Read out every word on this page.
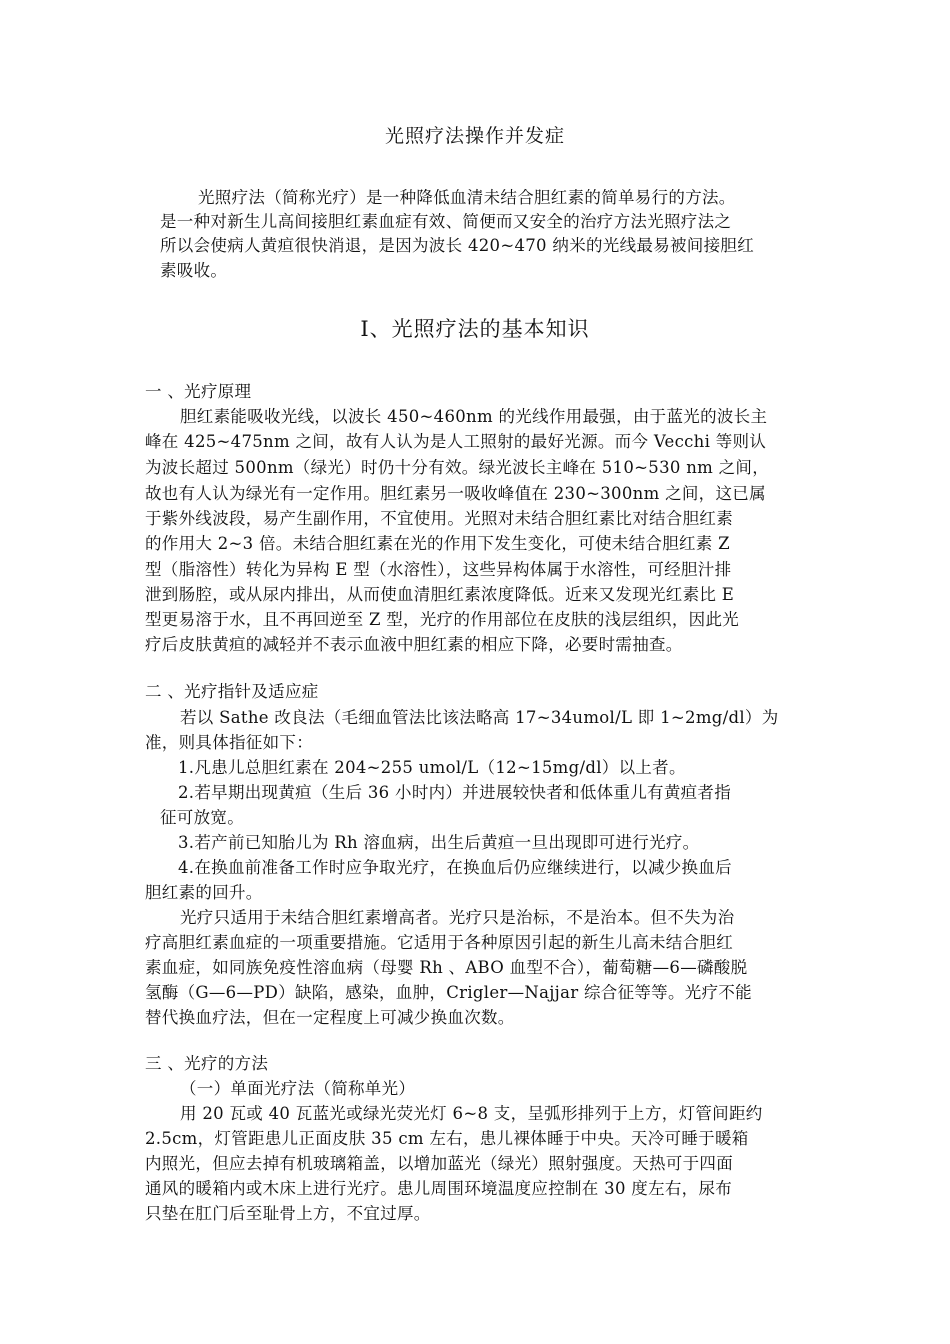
光照疗法操作并发症
光照疗法（简称光疗）是一种降低血清未结合胆红素的简单易行的方法。
是一种对新生儿高间接胆红素血症有效、简便而又安全的治疗方法光照疗法之
所以会使病人黄疸很快消退，是因为波长 420~470 纳米的光线最易被间接胆红
素吸收。
Ⅰ、光照疗法的基本知识
一 、光疗原理
胆红素能吸收光线，以波长 450~460nm 的光线作用最强，由于蓝光的波长主
峰在 425~475nm 之间，故有人认为是人工照射的最好光源。而今 Vecchi 等则认
为波长超过 500nm（绿光）时仍十分有效。绿光波长主峰在 510~530 nm 之间，
故也有人认为绿光有一定作用。胆红素另一吸收峰值在 230~300nm 之间，这已属
于紫外线波段，易产生副作用，不宜使用。光照对未结合胆红素比对结合胆红素
的作用大 2~3 倍。未结合胆红素在光的作用下发生变化，可使未结合胆红素 Z
型（脂溶性）转化为异构 E 型（水溶性），这些异构体属于水溶性，可经胆汁排
泄到肠腔，或从尿内排出，从而使血清胆红素浓度降低。近来又发现光红素比 E
型更易溶于水，且不再回逆至 Z 型，光疗的作用部位在皮肤的浅层组织，因此光
疗后皮肤黄疸的减轻并不表示血液中胆红素的相应下降，必要时需抽查。
二 、光疗指针及适应症
若以 Sathe 改良法（毛细血管法比该法略高 17~34umol/L 即 1~2mg/dl）为
准，则具体指征如下：
1.凡患儿总胆红素在 204~255 umol/L（12~15mg/dl）以上者。
2.若早期出现黄疸（生后 36 小时内）并进展较快者和低体重儿有黄疸者指
征可放宽。
3.若产前已知胎儿为 Rh 溶血病，出生后黄疸一旦出现即可进行光疗。
4.在换血前准备工作时应争取光疗，在换血后仍应继续进行，以减少换血后
胆红素的回升。
光疗只适用于未结合胆红素增高者。光疗只是治标，不是治本。但不失为治
疗高胆红素血症的一项重要措施。它适用于各种原因引起的新生儿高未结合胆红
素血症，如同族免疫性溶血病（母婴 Rh 、ABO 血型不合），葡萄糖—6—磷酸脱
氢酶（G—6—PD）缺陷，感染，血肿，Crigler—Najjar 综合征等等。光疗不能
替代换血疗法，但在一定程度上可减少换血次数。
三 、光疗的方法
（一）单面光疗法（简称单光）
用 20 瓦或 40 瓦蓝光或绿光荧光灯 6~8 支，呈弧形排列于上方，灯管间距约
2.5cm，灯管距患儿正面皮肤 35 cm 左右，患儿裸体睡于中央。天冷可睡于暖箱
内照光，但应去掉有机玻璃箱盖，以增加蓝光（绿光）照射强度。天热可于四面
通风的暖箱内或木床上进行光疗。患儿周围环境温度应控制在 30 度左右，尿布
只垫在肛门后至耻骨上方，不宜过厚。
